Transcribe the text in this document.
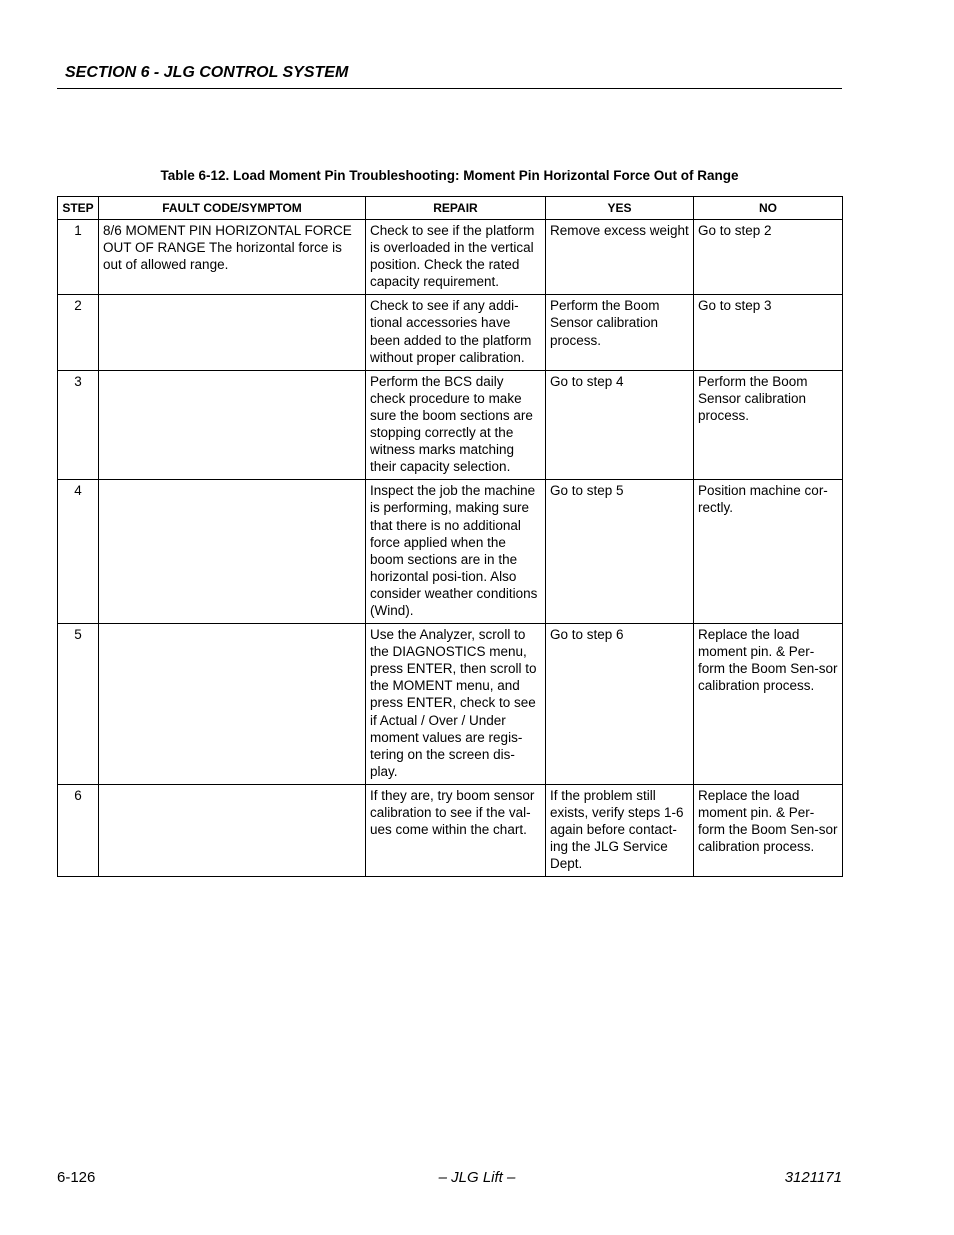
SECTION 6 - JLG CONTROL SYSTEM
Table 6-12. Load Moment Pin Troubleshooting: Moment Pin Horizontal Force Out of Range
STEP	FAULT CODE/SYMPTOM	REPAIR	YES	NO
1	8/6 MOMENT PIN HORIZONTAL FORCE OUT OF RANGE The horizontal force is out of allowed range.	Check to see if the platform is overloaded in the vertical position. Check the rated capacity requirement.	Remove excess weight	Go to step 2
2		Check to see if any addi-tional accessories have been added to the platform without proper calibration.	Perform the Boom Sensor calibration process.	Go to step 3
3		Perform the BCS daily check procedure to make sure the boom sections are stopping correctly at the witness marks matching their capacity selection.	Go to step 4	Perform the Boom Sensor calibration process.
4		Inspect the job the machine is performing, making sure that there is no additional force applied when the boom sections are in the horizontal posi-tion. Also consider weather conditions (Wind).	Go to step 5	Position machine cor-rectly.
5		Use the Analyzer, scroll to the DIAGNOSTICS menu, press ENTER, then scroll to the MOMENT menu, and press ENTER, check to see if Actual / Over / Under moment values are regis-tering on the screen dis-play.	Go to step 6	Replace the load moment pin. & Per-form the Boom Sen-sor calibration process.
6		If they are, try boom sensor calibration to see if the val-ues come within the chart.	If the problem still exists, verify steps 1-6 again before contact-ing the JLG Service Dept.	Replace the load moment pin. & Per-form the Boom Sen-sor calibration process.
6-126	– JLG Lift –	3121171
